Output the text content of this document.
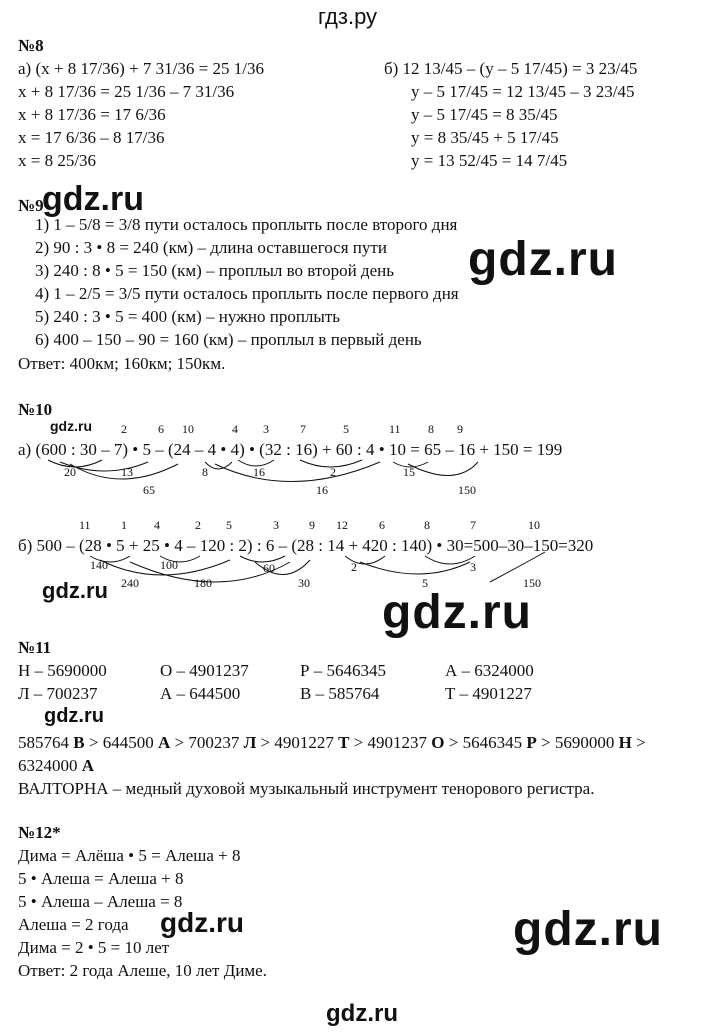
гдз.ру
№8
а) (x + 8 17/36) + 7 31/36 = 25 1/36
x + 8 17/36 = 25 1/36 – 7 31/36
x + 8 17/36 = 17 6/36
x = 17 6/36 – 8 17/36
x = 8 25/36
б) 12 13/45 – (y – 5 17/45) = 3 23/45
y – 5 17/45 = 12 13/45 – 3 23/45
y – 5 17/45 = 8 35/45
y = 8 35/45 + 5 17/45
y = 13 52/45 = 14 7/45
№9
gdz.ru
1) 1 – 5/8 = 3/8 пути осталось проплыть после второго дня
2) 90 : 3 • 8 = 240 (км) – длина оставшегося пути
3) 240 : 8 • 5 = 150 (км) – проплыл во второй день
4) 1 – 2/5 = 3/5 пути осталось проплыть после первого дня
5) 240 : 3 • 5 = 400 (км) – нужно проплыть
6) 400 – 150 – 90 = 160 (км) – проплыл в первый день
Ответ: 400км; 160км; 150км.
gdz.ru
№10
gdz.ru 2	6 10	4 3	7	5	11 8 9
а) (600 : 30 – 7) • 5 – (24 – 4 • 4) • (32 : 16) + 60 : 4 • 10 = 65 – 16 + 150 = 199
20	13
65
8	16	2
16
15
150
11	1 4	2 5	3	9 12	6	8	7	10
б) 500 – (28 • 5 + 25 • 4 – 120 : 2) : 6 – (28 : 14 + 420 : 140) • 30=500–30–150=320
140	100
240	180
60
30
2
5
3
150
gdz.ru	gdz.ru
№11
Н – 5690000	О – 4901237	Р – 5646345	А – 6324000
Л – 700237	А – 644500	В – 585764	Т – 4901227
gdz.ru
585764 В > 644500 А > 700237 Л > 4901227 Т > 4901237 О > 5646345 Р > 5690000 Н >
6324000 А
ВАЛТОРНА – медный духовой музыкальный инструмент тенорового регистра.
№12*
Дима = Алёша • 5 = Алеша + 8
5 • Алеша = Алеша + 8
5 • Алеша – Алеша = 8
Алеша = 2 года
Дима = 2 • 5 = 10 лет
Ответ: 2 года Алеше, 10 лет Диме.
gdz.ru	gdz.ru
gdz.ru
